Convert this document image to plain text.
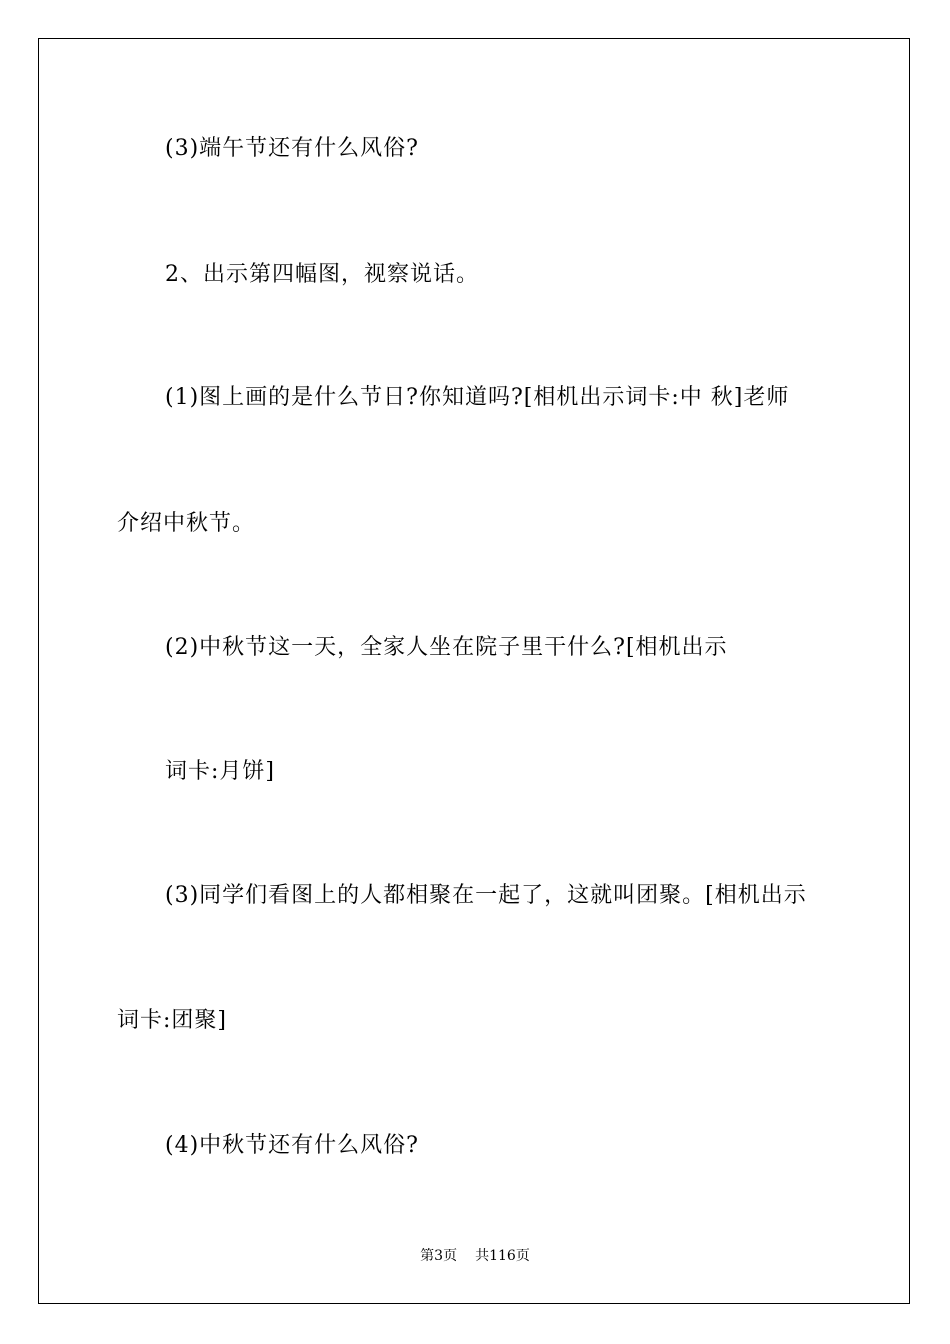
(3)端午节还有什么风俗?
2、出示第四幅图，视察说话。
(1)图上画的是什么节日?你知道吗?[相机出示词卡:中 秋]老师
介绍中秋节。
(2)中秋节这一天，全家人坐在院子里干什么?[相机出示
词卡:月饼]
(3)同学们看图上的人都相聚在一起了，这就叫团聚。[相机出示
词卡:团聚]
(4)中秋节还有什么风俗?
第3页 共116页
